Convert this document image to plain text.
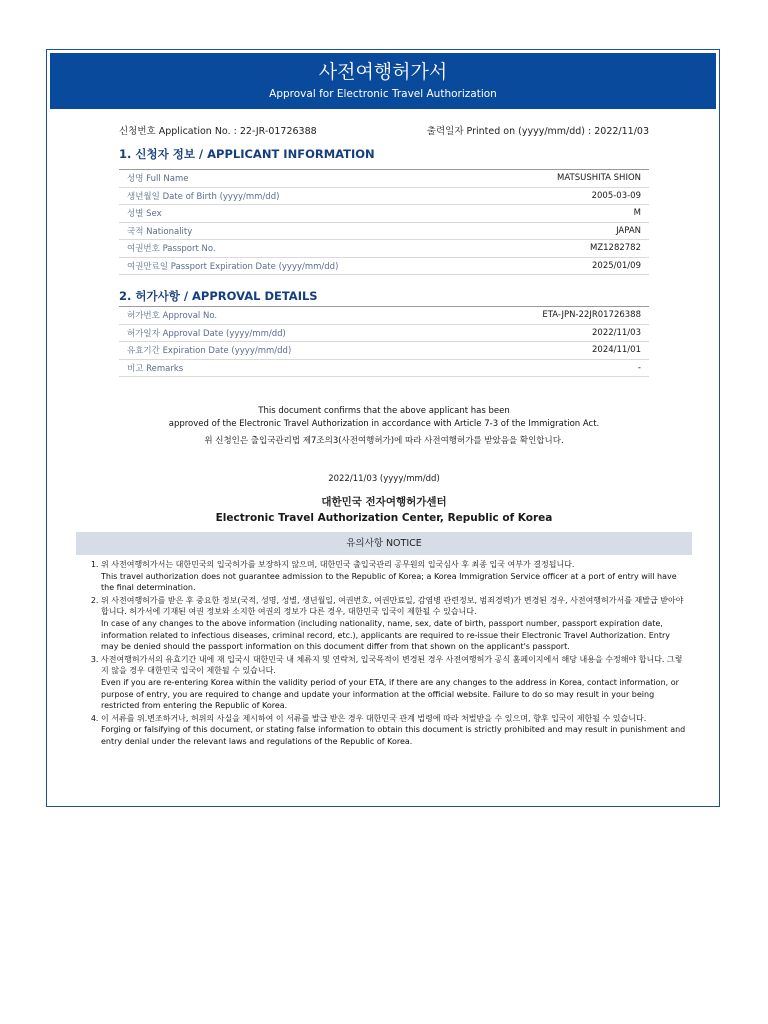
사전여행허가서
Approval for Electronic Travel Authorization
신청번호 Application No. : 22-JR-01726388	출력일자 Printed on (yyyy/mm/dd) : 2022/11/03
1. 신청자 정보 / APPLICANT INFORMATION
성명 Full Name	MATSUSHITA SHION
생년월일 Date of Birth (yyyy/mm/dd)	2005-03-09
성별 Sex	M
국적 Nationality	JAPAN
여권번호 Passport No.	MZ1282782
여권만료일 Passport Expiration Date (yyyy/mm/dd)	2025/01/09
2. 허가사항 / APPROVAL DETAILS
허가번호 Approval No.	ETA-JPN-22JR01726388
허가일자 Approval Date (yyyy/mm/dd)	2022/11/03
유효기간 Expiration Date (yyyy/mm/dd)	2024/11/01
비고 Remarks	-
This document confirms that the above applicant has been
approved of the Electronic Travel Authorization in accordance with Article 7-3 of the Immigration Act.
위 신청인은 출입국관리법 제7조의3(사전여행허가)에 따라 사전여행허가를 받았음을 확인합니다.
2022/11/03 (yyyy/mm/dd)
대한민국 전자여행허가센터
Electronic Travel Authorization Center, Republic of Korea
유의사항 NOTICE
1. 위 사전여행허가서는 대한민국의 입국허가를 보장하지 않으며, 대한민국 출입국관리 공무원의 입국심사 후 최종 입국 여부가 결정됩니다.
This travel authorization does not guarantee admission to the Republic of Korea; a Korea Immigration Service officer at a port of entry will have the final determination.
2. 위 사전여행허가를 받은 후 중요한 정보(국적, 성명, 성별, 생년월일, 여권번호, 여권만료일, 감염병 관련정보, 범죄경력)가 변경된 경우, 사전여행허가서를 재발급 받아야 합니다. 허가서에 기재된 여권 정보와 소지한 여권의 정보가 다른 경우, 대한민국 입국이 제한될 수 있습니다.
In case of any changes to the above information (including nationality, name, sex, date of birth, passport number, passport expiration date, information related to infectious diseases, criminal record, etc.), applicants are required to re-issue their Electronic Travel Authorization. Entry may be denied should the passport information on this document differ from that shown on the applicant's passport.
3. 사전여행허가서의 유효기간 내에 재 입국시 대한민국 내 체류지 및 연락처, 입국목적이 변경된 경우 사전여행허가 공식 홈페이지에서 해당 내용을 수정해야 합니다. 그렇지 않을 경우 대한민국 입국이 제한될 수 있습니다.
Even if you are re-entering Korea within the validity period of your ETA, if there are any changes to the address in Korea, contact information, or purpose of entry, you are required to change and update your information at the official website. Failure to do so may result in your being restricted from entering the Republic of Korea.
4. 이 서류를 위.변조하거나, 허위의 사실을 제시하여 이 서류를 발급 받은 경우 대한민국 관계 법령에 따라 처벌받을 수 있으며, 향후 입국이 제한될 수 있습니다.
Forging or falsifying of this document, or stating false information to obtain this document is strictly prohibited and may result in punishment and entry denial under the relevant laws and regulations of the Republic of Korea.
